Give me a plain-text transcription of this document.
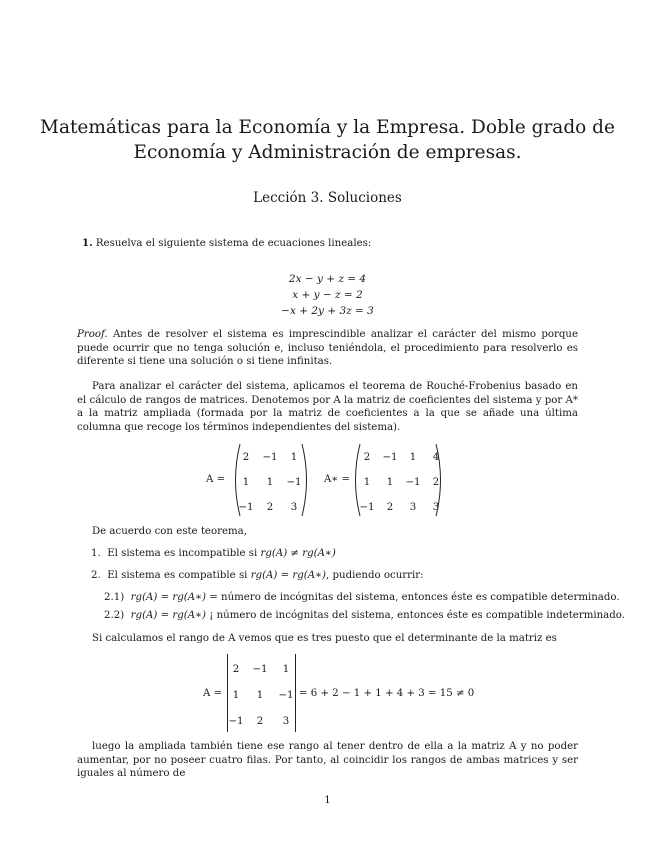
Matemáticas para la Economía y la Empresa. Doble grado de
Economía y Administración de empresas.
Lección 3. Soluciones
1. Resuelva el siguiente sistema de ecuaciones lineales:
2x − y + z = 4
x + y − z = 2
−x + 2y + 3z = 3
Proof. Antes de resolver el sistema es imprescindible analizar el carácter del mismo porque puede ocurrir que no tenga solución e, incluso teniéndola, el procedimiento para resolverlo es diferente si tiene una solución o si tiene infinitas.
Para analizar el carácter del sistema, aplicamos el teorema de Rouché-Frobenius basado en el cálculo de rangos de matrices. Denotemos por A la matriz de coeficientes del sistema y por A* a la matriz ampliada (formada por la matriz de coeficientes a la que se añade una última columna que recoge los términos independientes del sistema).
A =
2	−1	1
1	1	−1
−1	2	3
A∗ =
2	−1	1	4
1	1	−1	2
−1	2	3	3
De acuerdo con este teorema,
1. El sistema es incompatible si rg(A) ≠ rg(A∗)
2. El sistema es compatible si rg(A) = rg(A∗), pudiendo ocurrir:
2.1) rg(A) = rg(A∗) = número de incógnitas del sistema, entonces éste es compatible determinado.
2.2) rg(A) = rg(A∗) ¡ número de incógnitas del sistema, entonces éste es compatible indeterminado.
Si calculamos el rango de A vemos que es tres puesto que el determinante de la matriz es
A =
2	−1	1
1	1	−1
−1	2	3
= 6 + 2 − 1 + 1 + 4 + 3 = 15 ≠ 0
luego la ampliada también tiene ese rango al tener dentro de ella a la matriz A y no poder aumentar, por no poseer cuatro filas. Por tanto, al coincidir los rangos de ambas matrices y ser iguales al número de
1
